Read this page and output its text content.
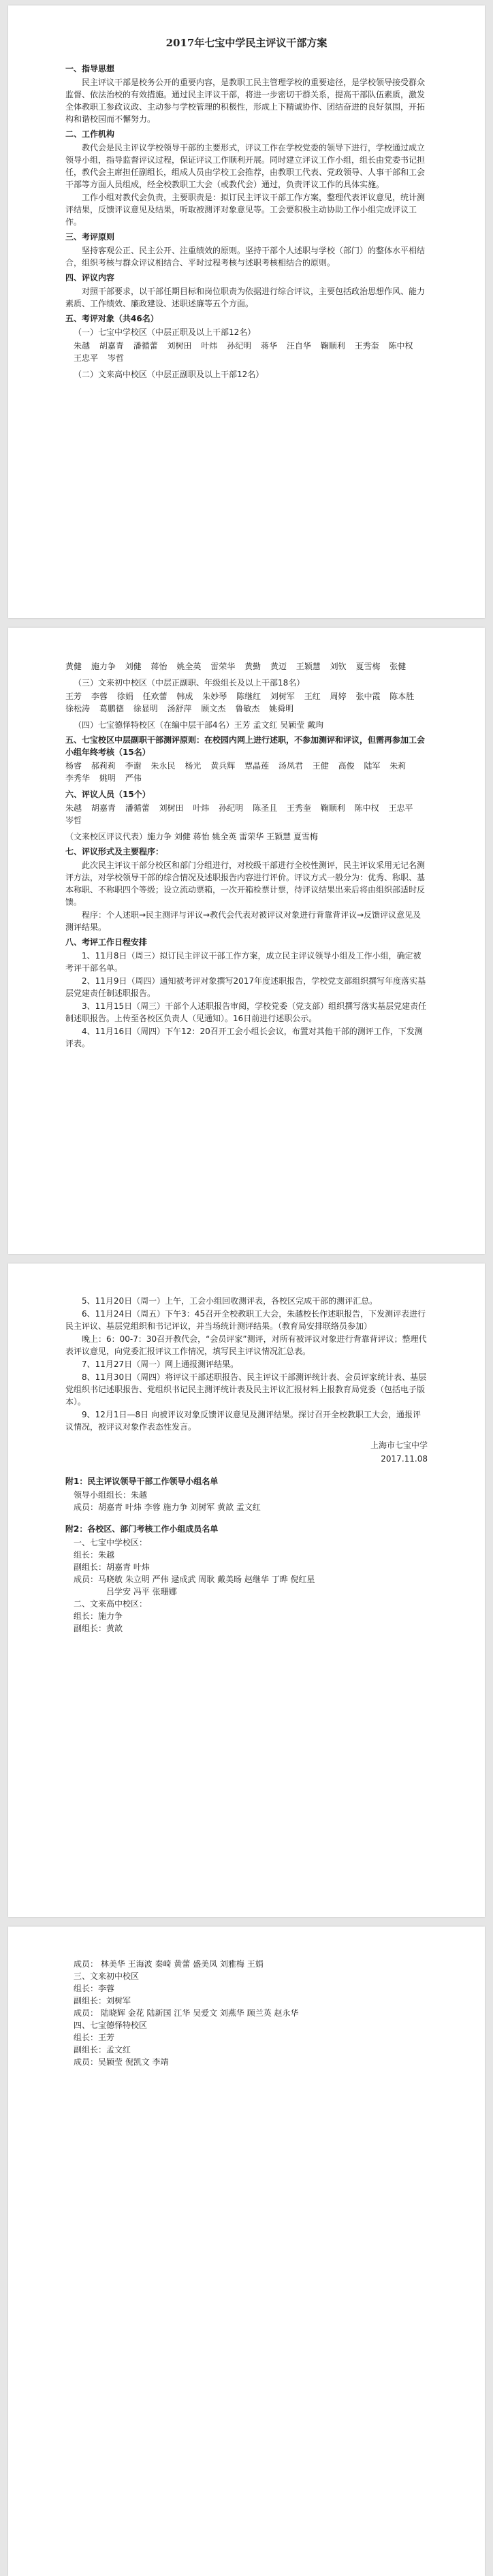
2017年七宝中学民主评议干部方案
一、指导思想
民主评议干部是校务公开的重要内容，是教职工民主管理学校的重要途径，是学校领导接受群众监督、依法治校的有效措施。通过民主评议干部，将进一步密切干群关系，提高干部队伍素质，激发全体教职工参政议政、主动参与学校管理的积极性，形成上下精诚协作、团结奋进的良好氛围，开拓构和谐校园而不懈努力。
二、工作机构
教代会是民主评议学校领导干部的主要形式，评议工作在学校党委的领导下进行，学校通过成立领导小组，指导监督评议过程，保证评议工作顺利开展。同时建立评议工作小组，组长由党委书记担任，教代会主席担任副组长，组成人员由学校工会推荐，由教职工代表、党政领导、人事干部和工会干部等方面人员组成，经全校教职工大会（或教代会）通过，负责评议工作的具体实施。
工作小组对教代会负责，主要职责是：拟订民主评议干部工作方案，整理代表评议意见，统计测评结果，反馈评议意见及结果，听取被测评对象意见等。工会要积极主动协助工作小组完成评议工作。
三、考评原则
坚持客观公正、民主公开、注重绩效的原则。坚持干部个人述职与学校（部门）的整体水平相结合，组织考核与群众评议相结合、平时过程考核与述职考核相结合的原则。
四、评议内容
对照干部要求，以干部任期目标和岗位职责为依据进行综合评议，主要包括政治思想作风、能力素质、工作绩效、廉政建设、述职述廉等五个方面。
五、考评对象（共46名）
（一）七宝中学校区（中层正职及以上干部12名）
朱越 胡嘉青 潘循蕾 刘树田 叶炜 孙纪明 蒋华 汪自华 鞠顺利 王秀奎 陈中权 王忠平 岑哲
（二）文来高中校区（中层正副职及以上干部12名）
黄健 施力争 刘健 蒋怡 姚全英 雷荣华 黄勤 黄迈 王颖慧 刘钦 夏雪梅 张健
（三）文来初中校区（中层正副职、年级组长及以上干部18名）
王芳 李蓉 徐娟 任欢蕾 韩成 朱妙琴 陈继红 刘树军 王红 周婷 张中霞 陈本胜 徐松涛 葛鹏德 徐显明 汤舒萍 顾文杰 鲁敏杰 姚舜明
（四）七宝德怿特校区（在编中层干部4名）王芳 孟文红 吴颖莹 戴珣
五、七宝校区中层副职干部测评原则：在校园内网上进行述职，不参加测评和评议，但需再参加工会小组年终考核（15名）
杨睿 郝莉莉 李谢 朱永民 杨光 黄兵辉 覃晶莲 汤凤君 王健 高俊 陆军 朱莉 李秀华 姚明 严伟
六、评议人员（15个）
朱越 胡嘉青 潘循蕾 刘树田 叶炜 孙纪明 陈圣且 王秀奎 鞠顺利 陈中权 王忠平 岑哲
（文来校区评议代表）施力争 刘健 蒋怡 姚全英 雷荣华 王颖慧 夏雪梅
七、评议形式及主要程序：
此次民主评议干部分校区和部门分组进行，对校级干部进行全校性测评，民主评议采用无记名测评方法，对学校领导干部的综合情况及述职报告内容进行评价。评议方式一般分为：优秀、称职、基本称职、不称职四个等级；设立流动票箱，一次开箱检票计票，待评议结果出来后将由组织部适时反馈。
程序：个人述职→民主测评与评议→教代会代表对被评议对象进行背靠背评议→反馈评议意见及测评结果。
八、考评工作日程安排
1、11月8日（周三）拟订民主评议干部工作方案，成立民主评议领导小组及工作小组，确定被考评干部名单。
2、11月9日（周四）通知被考评对象撰写2017年度述职报告，学校党支部组织撰写年度落实基层党建责任制述职报告。
3、11月15日（周三）干部个人述职报告审阅，学校党委（党支部）组织撰写落实基层党建责任制述职报告。上传至各校区负责人（见通知）。16日前进行述职公示。
4、11月16日（周四）下午12：20召开工会小组长会议，布置对其他干部的测评工作，下发测评表。
5、11月20日（周一）上午，工会小组回收测评表，各校区完成干部的测评汇总。
6、11月24日（周五）下午3：45召开全校教职工大会，朱越校长作述职报告，下发测评表进行民主评议、基层党组织和书记评议，并当场统计测评结果。（教育局安排联络员参加）
晚上：6：00-7：30召开教代会，“会员评家”测评，对所有被评议对象进行背靠背评议；整理代表评议意见，向党委汇报评议工作情况，填写民主评议情况汇总表。
7、11月27日（周一）网上通报测评结果。
8、11月30日（周四）将评议干部述职报告、民主评议干部测评统计表、会员评家统计表、基层党组织书记述职报告、党组织书记民主测评统计表及民主评议汇报材料上报教育局党委（包括电子版本）。
9、12月1日—8日 向被评议对象反馈评议意见及测评结果。探讨召开全校教职工大会，通报评议情况，被评议对象作表态性发言。
上海市七宝中学
2017.11.08
附1：民主评议领导干部工作领导小组名单
领导小组组长：朱越
成员：胡嘉青 叶炜 李蓉 施力争 刘树军 黄歆 孟文红
附2：各校区、部门考核工作小组成员名单
一、七宝中学校区：
组长：朱越
副组长：胡嘉青 叶炜
成员：马晓敏 朱立明 严伟 逯成武 周耿 戴美旸 赵继华 丁晔 倪红星
吕学安 冯平 张珊娜
二、文来高中校区：
组长：施力争
副组长：黄歆
成员： 林美华 王海波 秦崎 黄蕾 盛美凤 刘雅梅 王娟
三、文来初中校区
组长：李蓉
副组长：刘树军
成员： 陆晓辉 金花 陆新国 江华 吴爱文 刘燕华 顾兰英 赵永华
四、七宝德怿特校区
组长：王芳
副组长：孟文红
成员：吴颖莹 倪凯文 李靖
